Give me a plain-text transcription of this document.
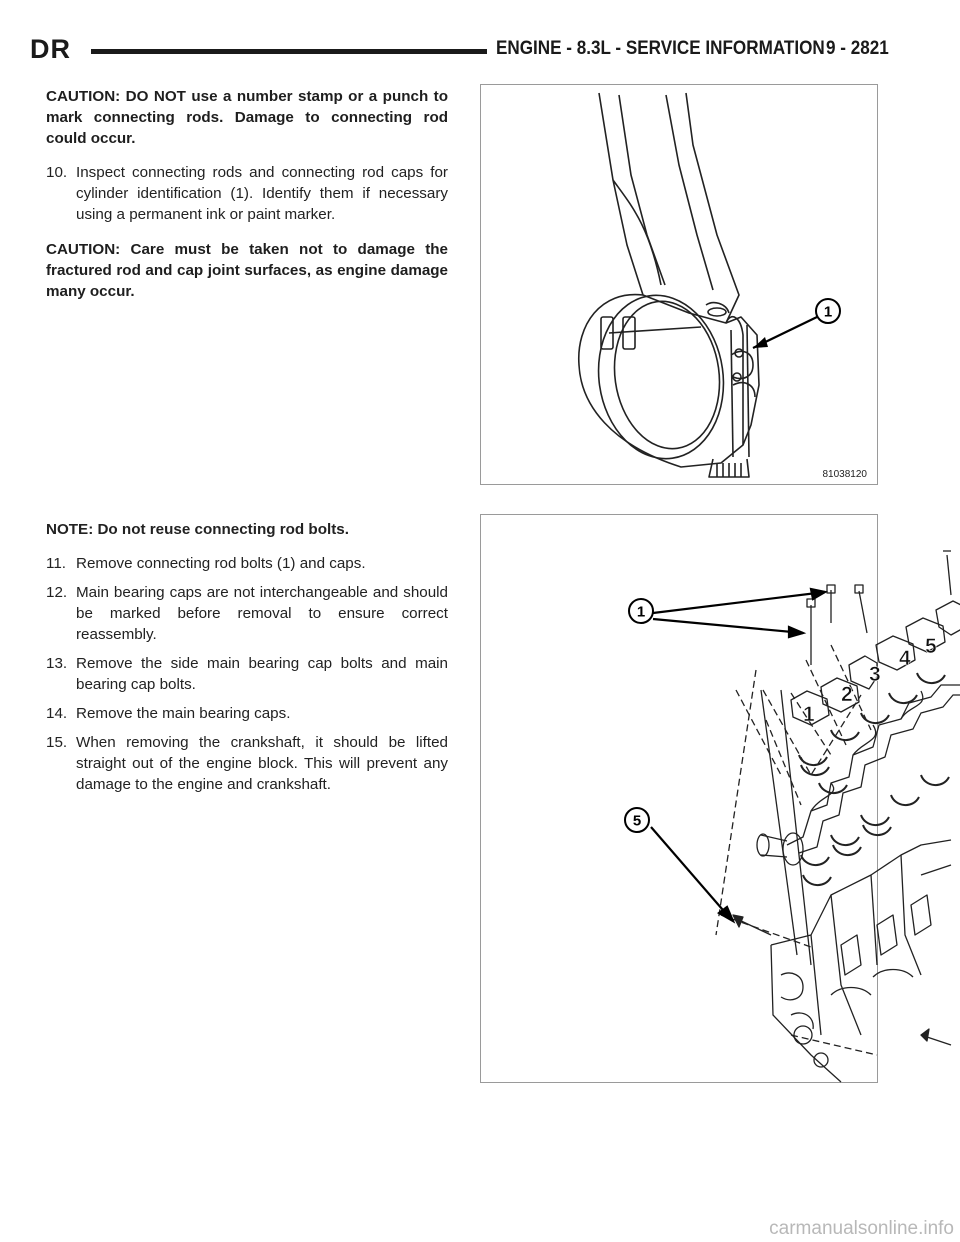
DR	ENGINE - 8.3L - SERVICE INFORMATION 9 - 2821

CAUTION: DO NOT use a number stamp or a punch to mark connecting rods. Damage to connecting rod could occur.

10. Inspect connecting rods and connecting rod caps for cylinder identification (1). Identify them if necessary using a permanent ink or paint marker.

CAUTION: Care must be taken not to damage the fractured rod and cap joint surfaces, as engine damage many occur.

NOTE: Do not reuse connecting rod bolts.

11. Remove connecting rod bolts (1) and caps.

12. Main bearing caps are not interchangeable and should be marked before removal to ensure correct reassembly.

13. Remove the side main bearing cap bolts and main bearing cap bolts.

14. Remove the main bearing caps.

15. When removing the crankshaft, it should be lifted straight out of the engine block. This will prevent any damage to the engine and crankshaft.

1
81038120
1
5
1
2
3
4
5
carmanualsonline.info
